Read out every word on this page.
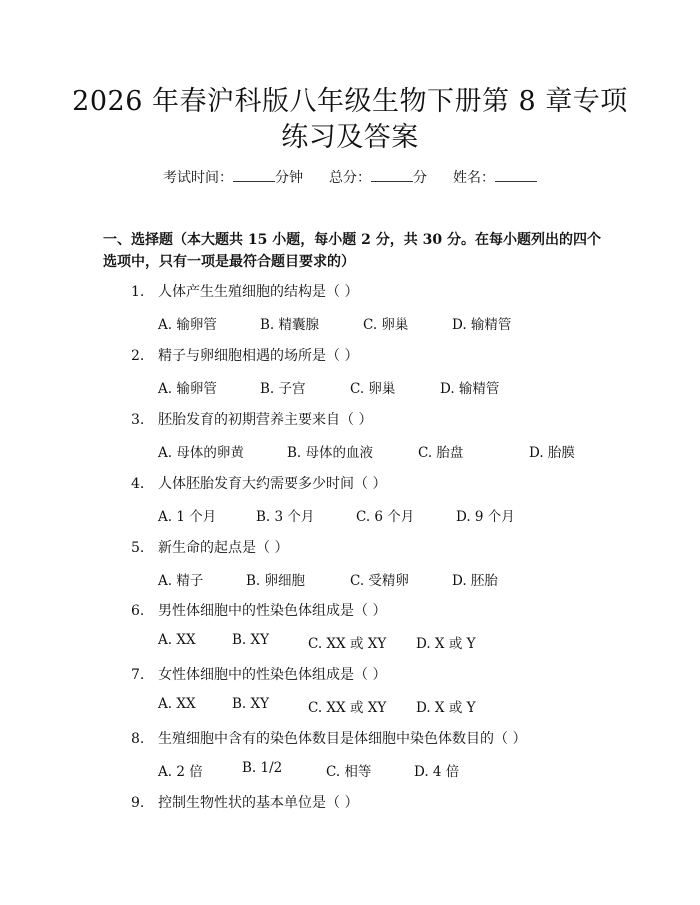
2026 年春沪科版八年级生物下册第 8 章专项
练习及答案
考试时间：	分钟 总分：	分 姓名：
一、选择题（本大题共 15 小题，每小题 2 分，共 30 分。在每小题列出的四个选项中，只有一项是最符合题目要求的）
1. 人体产生生殖细胞的结构是（ ）
A. 输卵管	B. 精囊腺	C. 卵巢	D. 输精管
2. 精子与卵细胞相遇的场所是（ ）
A. 输卵管	B. 子宫	C. 卵巢	D. 输精管
3. 胚胎发育的初期营养主要来自（ ）
A. 母体的卵黄	B. 母体的血液	C. 胎盘	D. 胎膜
4. 人体胚胎发育大约需要多少时间（ ）
A. 1 个月	B. 3 个月	C. 6 个月	D. 9 个月
5. 新生命的起点是（ ）
A. 精子	B. 卵细胞	C. 受精卵	D. 胚胎
6. 男性体细胞中的性染色体组成是（ ）
A. XX	B. XY	C. XX 或 XY D. X 或 Y
7. 女性体细胞中的性染色体组成是（ ）
A. XX	B. XY	C. XX 或 XY D. X 或 Y
8. 生殖细胞中含有的染色体数目是体细胞中染色体数目的（ ）
A. 2 倍	B. 1/2	C. 相等	D. 4 倍
9. 控制生物性状的基本单位是（ ）
